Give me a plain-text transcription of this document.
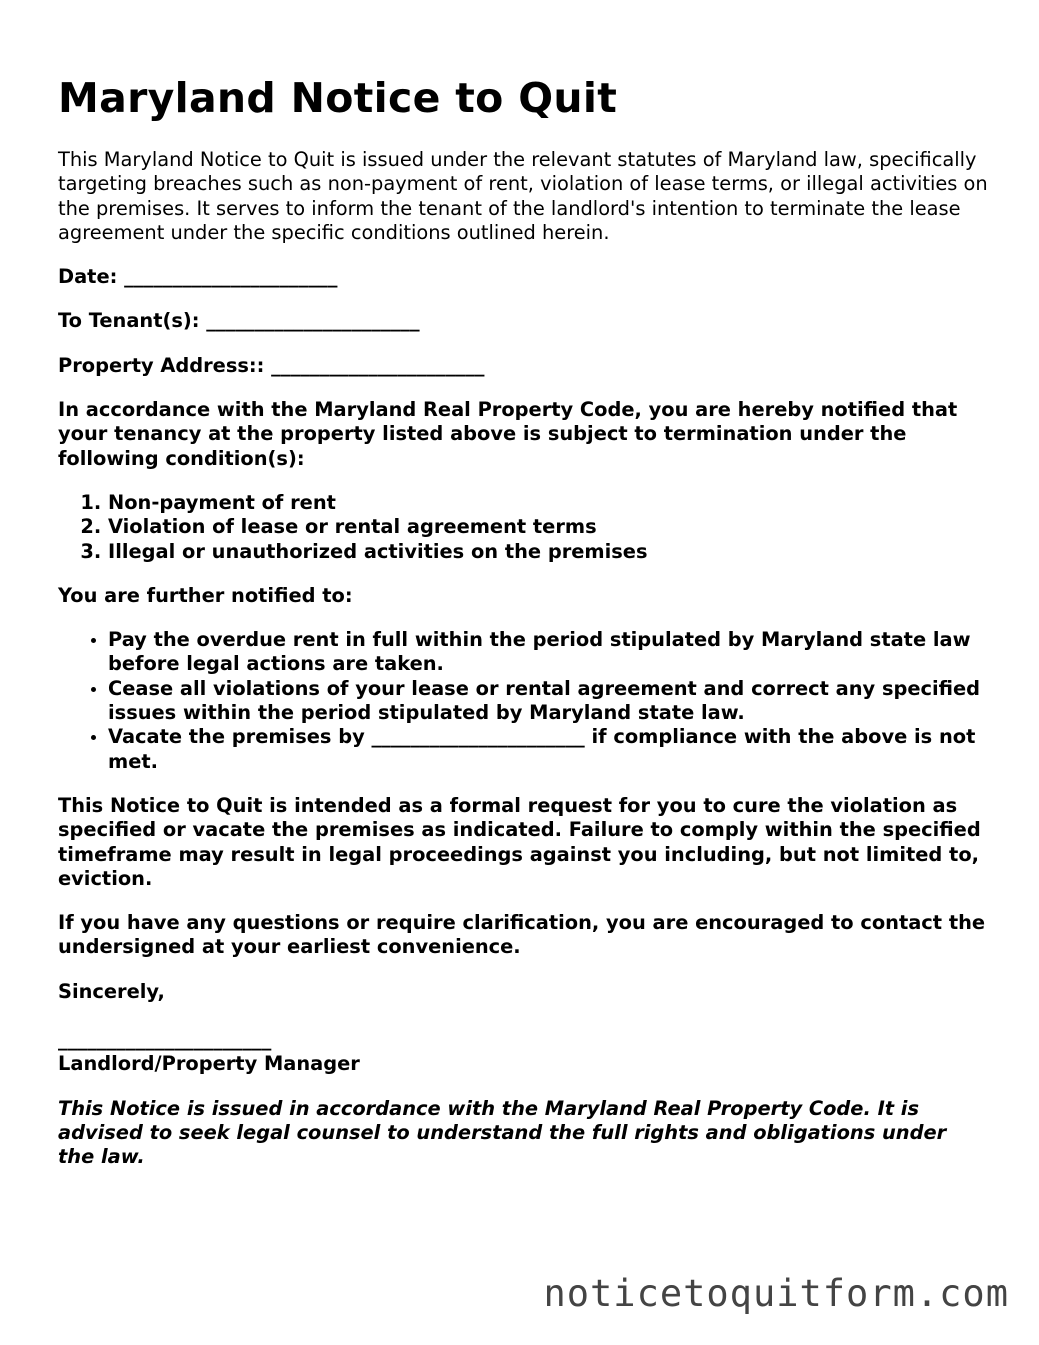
Maryland Notice to Quit

This Maryland Notice to Quit is issued under the relevant statutes of Maryland law, specifically targeting breaches such as non-payment of rent, violation of lease terms, or illegal activities on the premises. It serves to inform the tenant of the landlord's intention to terminate the lease agreement under the specific conditions outlined herein.

Date: ______________________

To Tenant(s): ______________________

Property Address:: ______________________

In accordance with the Maryland Real Property Code, you are hereby notified that your tenancy at the property listed above is subject to termination under the following condition(s):

1. Non-payment of rent
2. Violation of lease or rental agreement terms
3. Illegal or unauthorized activities on the premises

You are further notified to:

• Pay the overdue rent in full within the period stipulated by Maryland state law before legal actions are taken.
• Cease all violations of your lease or rental agreement and correct any specified issues within the period stipulated by Maryland state law.
• Vacate the premises by ______________________ if compliance with the above is not met.

This Notice to Quit is intended as a formal request for you to cure the violation as specified or vacate the premises as indicated. Failure to comply within the specified timeframe may result in legal proceedings against you including, but not limited to, eviction.

If you have any questions or require clarification, you are encouraged to contact the undersigned at your earliest convenience.

Sincerely,

______________________

Landlord/Property Manager

This Notice is issued in accordance with the Maryland Real Property Code. It is advised to seek legal counsel to understand the full rights and obligations under the law.

noticetoquitform.com
